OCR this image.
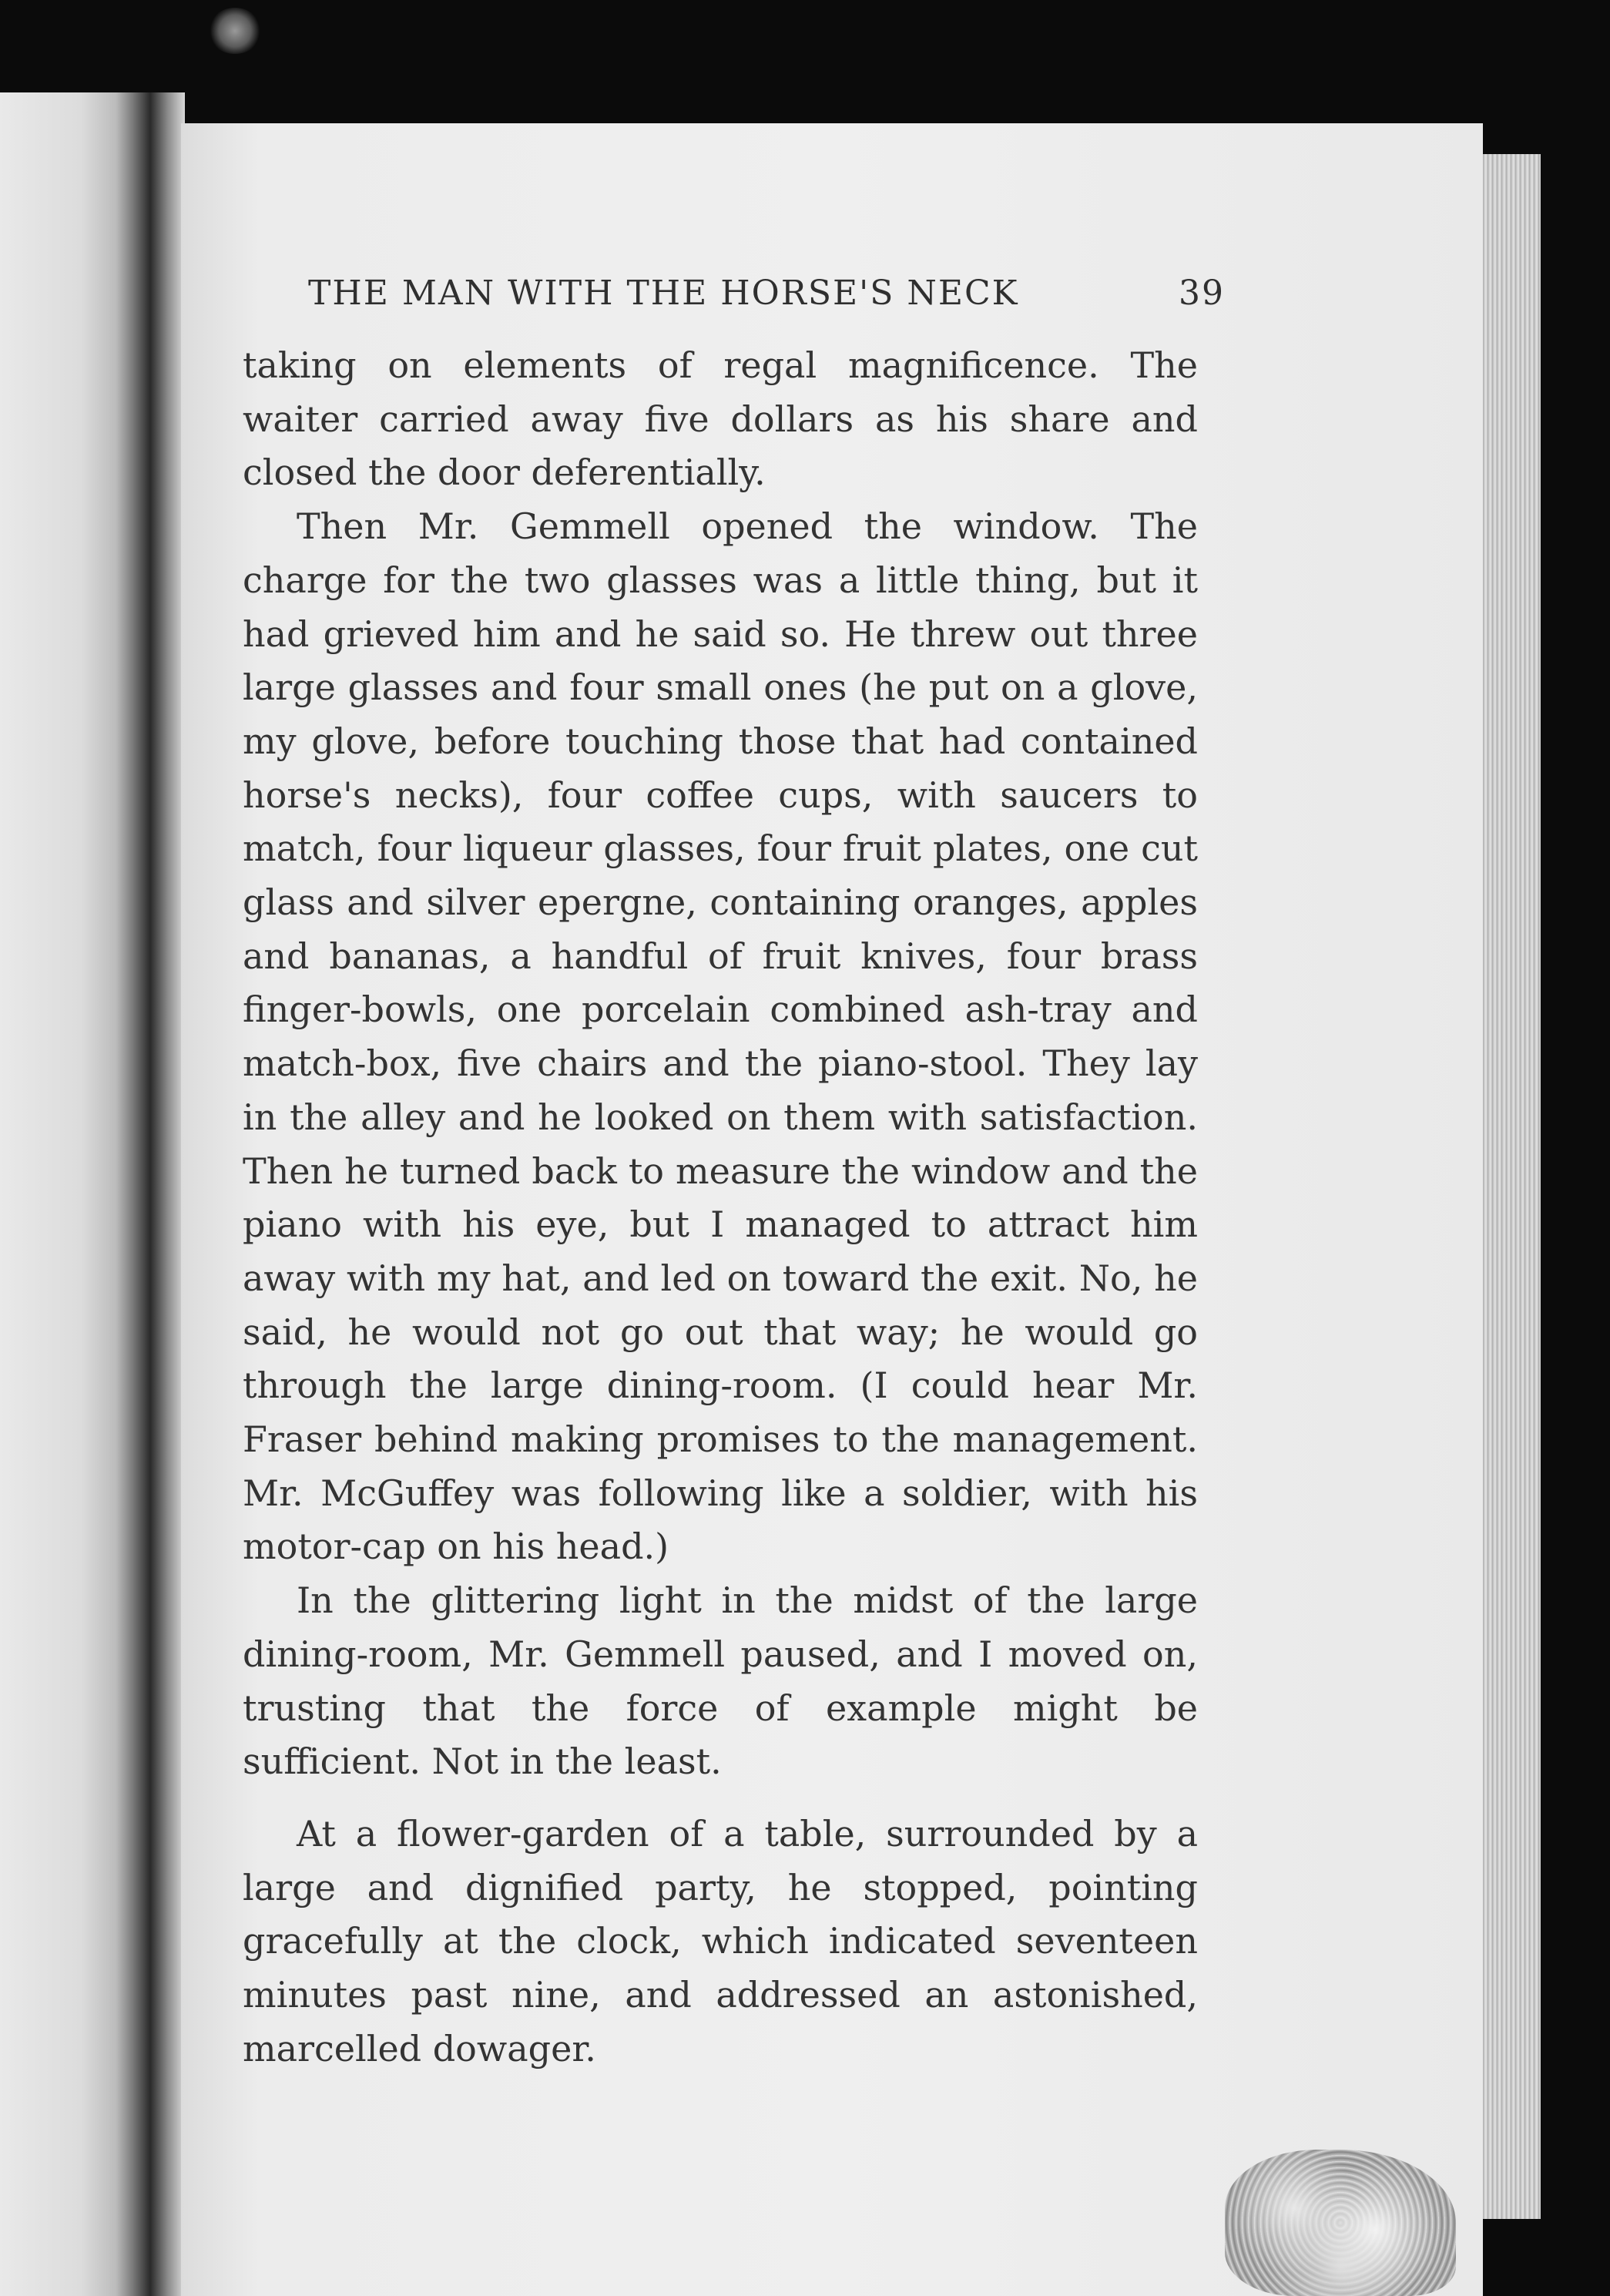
THE MAN WITH THE HORSE'S NECK	39

taking on elements of regal magnificence. The waiter carried away five dollars as his share and closed the door deferentially.

Then Mr. Gemmell opened the window. The charge for the two glasses was a little thing, but it had grieved him and he said so. He threw out three large glasses and four small ones (he put on a glove, my glove, before touching those that had contained horse's necks), four coffee cups, with saucers to match, four liqueur glasses, four fruit plates, one cut glass and silver epergne, containing oranges, apples and bananas, a handful of fruit knives, four brass finger-bowls, one porcelain combined ash-tray and match-box, five chairs and the piano-stool. They lay in the alley and he looked on them with satisfaction. Then he turned back to measure the window and the piano with his eye, but I managed to attract him away with my hat, and led on toward the exit. No, he said, he would not go out that way; he would go through the large dining-room. (I could hear Mr. Fraser behind making promises to the management. Mr. McGuffey was following like a soldier, with his motor-cap on his head.)

In the glittering light in the midst of the large dining-room, Mr. Gemmell paused, and I moved on, trusting that the force of example might be sufficient. Not in the least.

At a flower-garden of a table, surrounded by a large and dignified party, he stopped, pointing gracefully at the clock, which indicated seventeen minutes past nine, and addressed an astonished, marcelled dowager.
